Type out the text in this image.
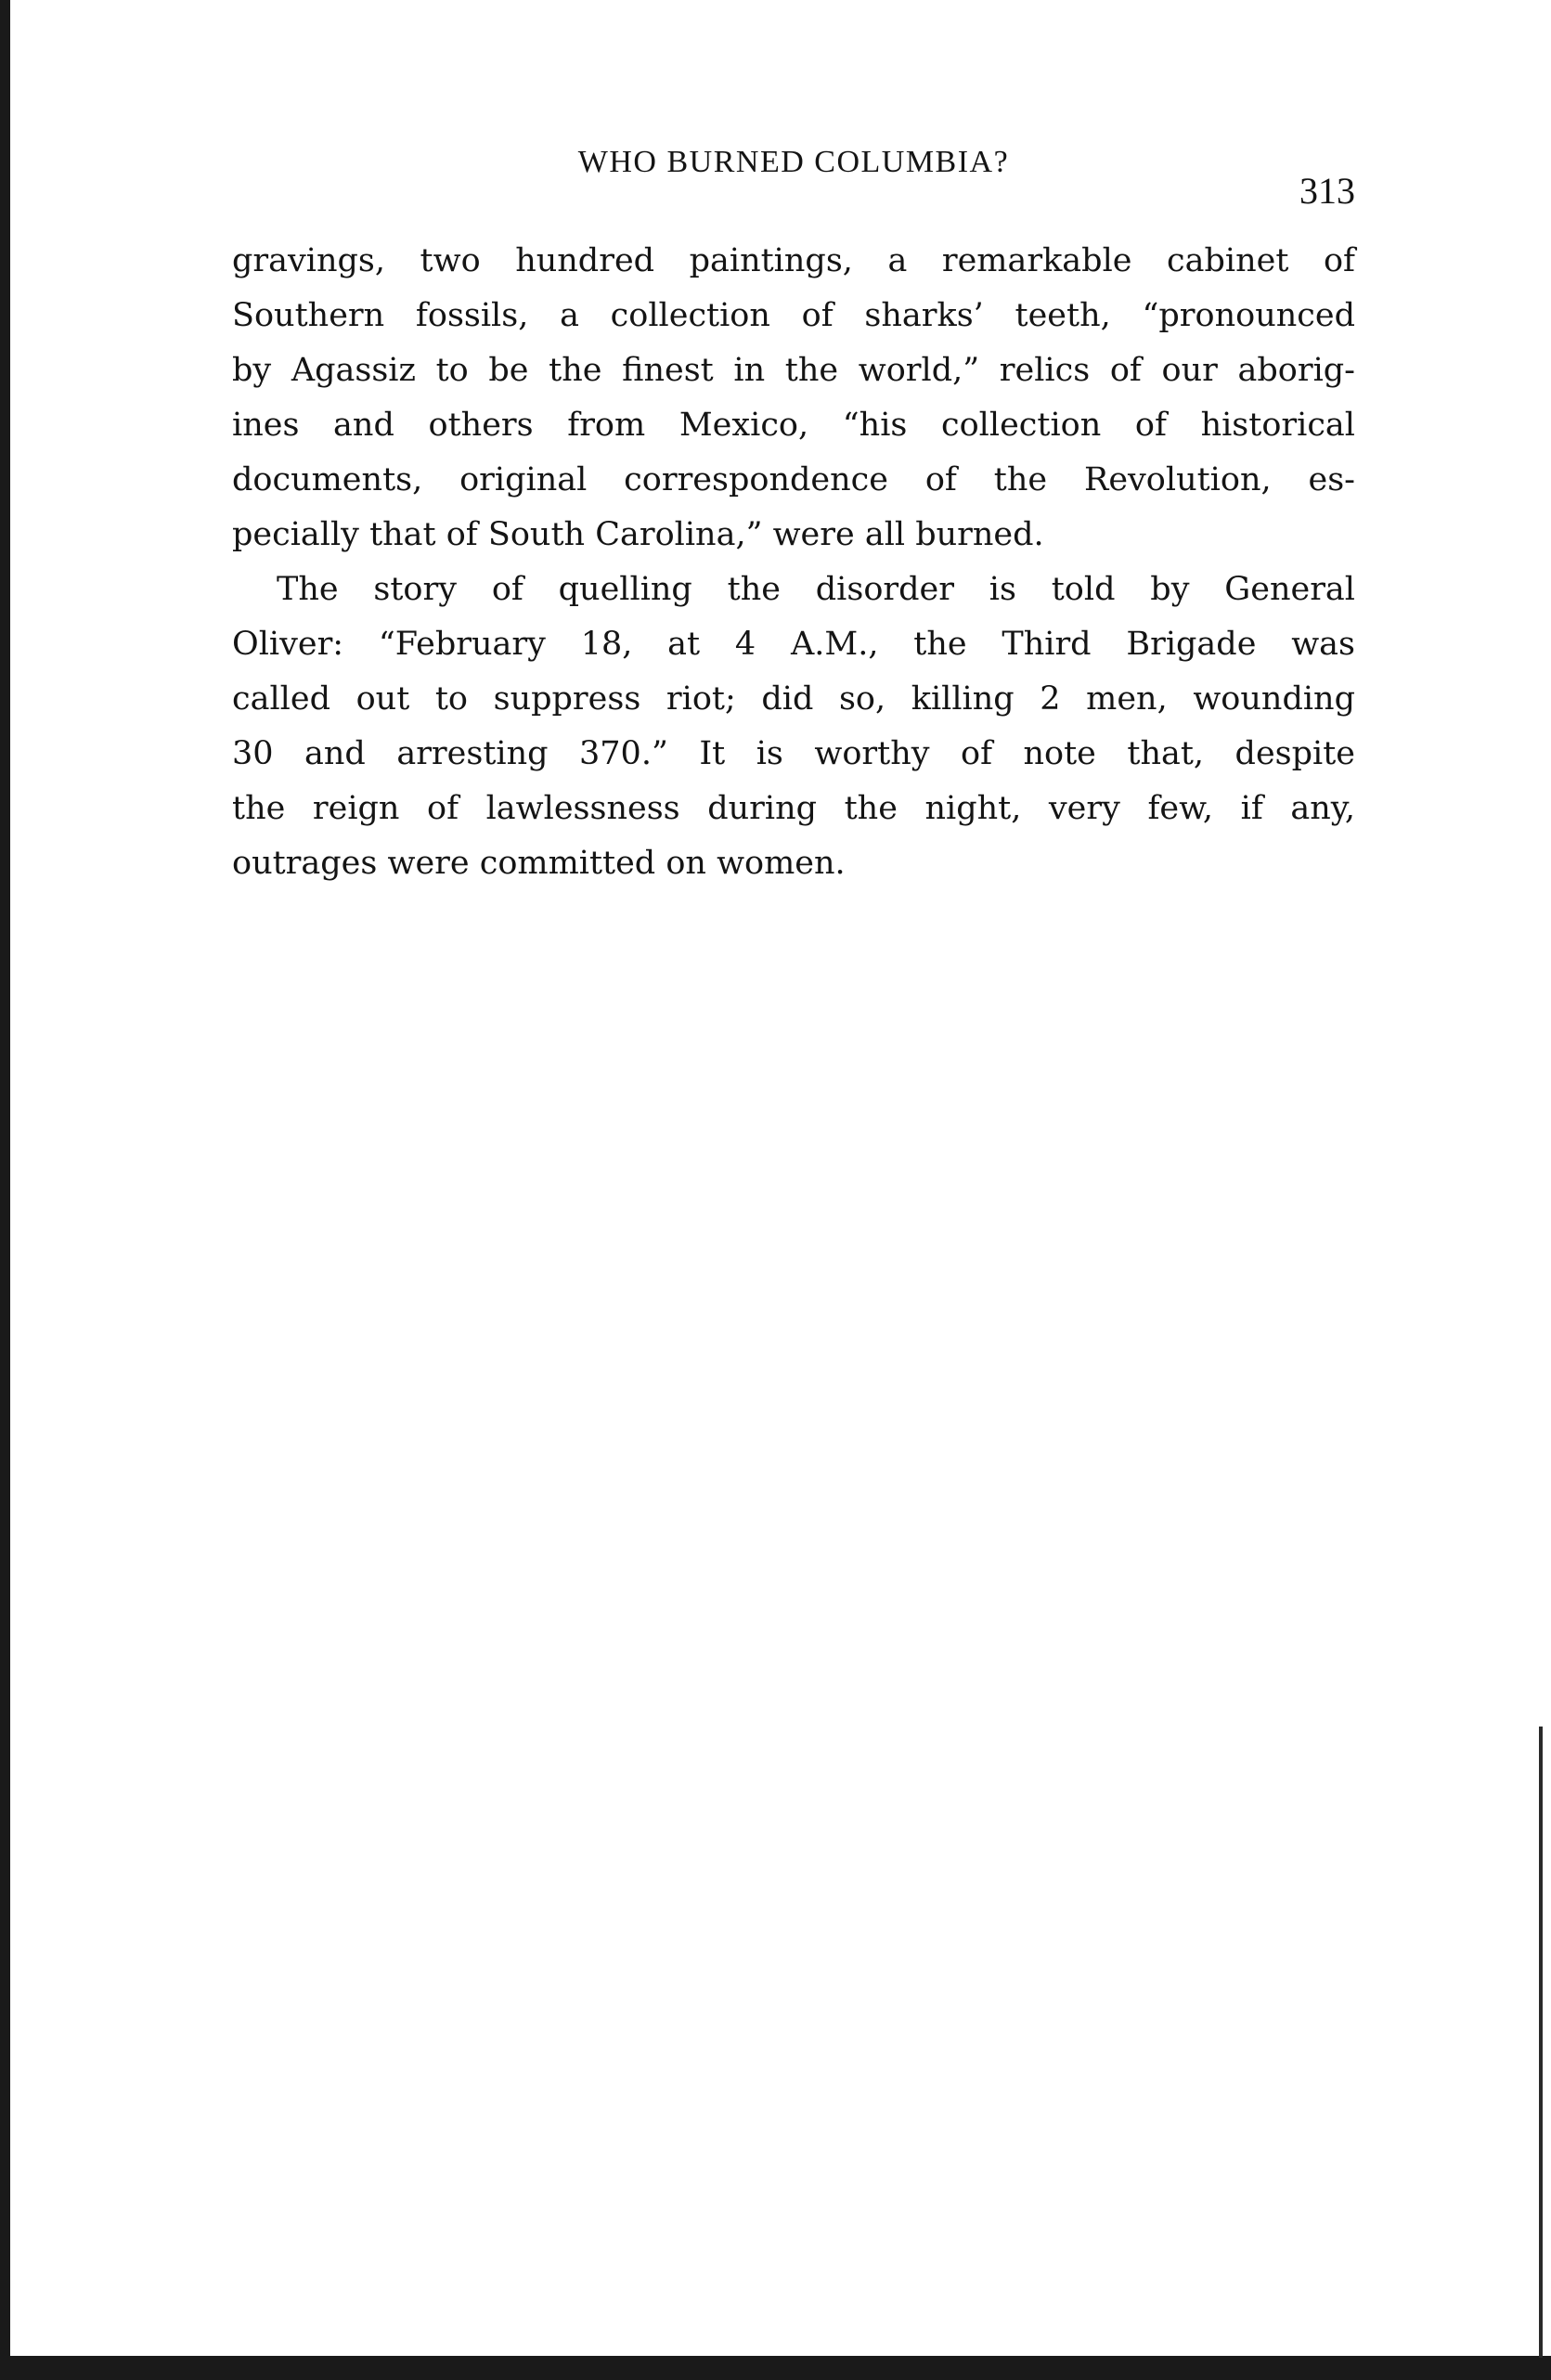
WHO BURNED COLUMBIA?
313
gravings, two hundred paintings, a remarkable cabinet of
Southern fossils, a collection of sharks’ teeth, “pronounced
by Agassiz to be the finest in the world,” relics of our aborig-
ines and others from Mexico, “his collection of historical
documents, original correspondence of the Revolution, es-
pecially that of South Carolina,” were all burned.
The story of quelling the disorder is told by General
Oliver: “February 18, at 4 A.M., the Third Brigade was
called out to suppress riot; did so, killing 2 men, wounding
30 and arresting 370.” It is worthy of note that, despite
the reign of lawlessness during the night, very few, if any,
outrages were committed on women.
